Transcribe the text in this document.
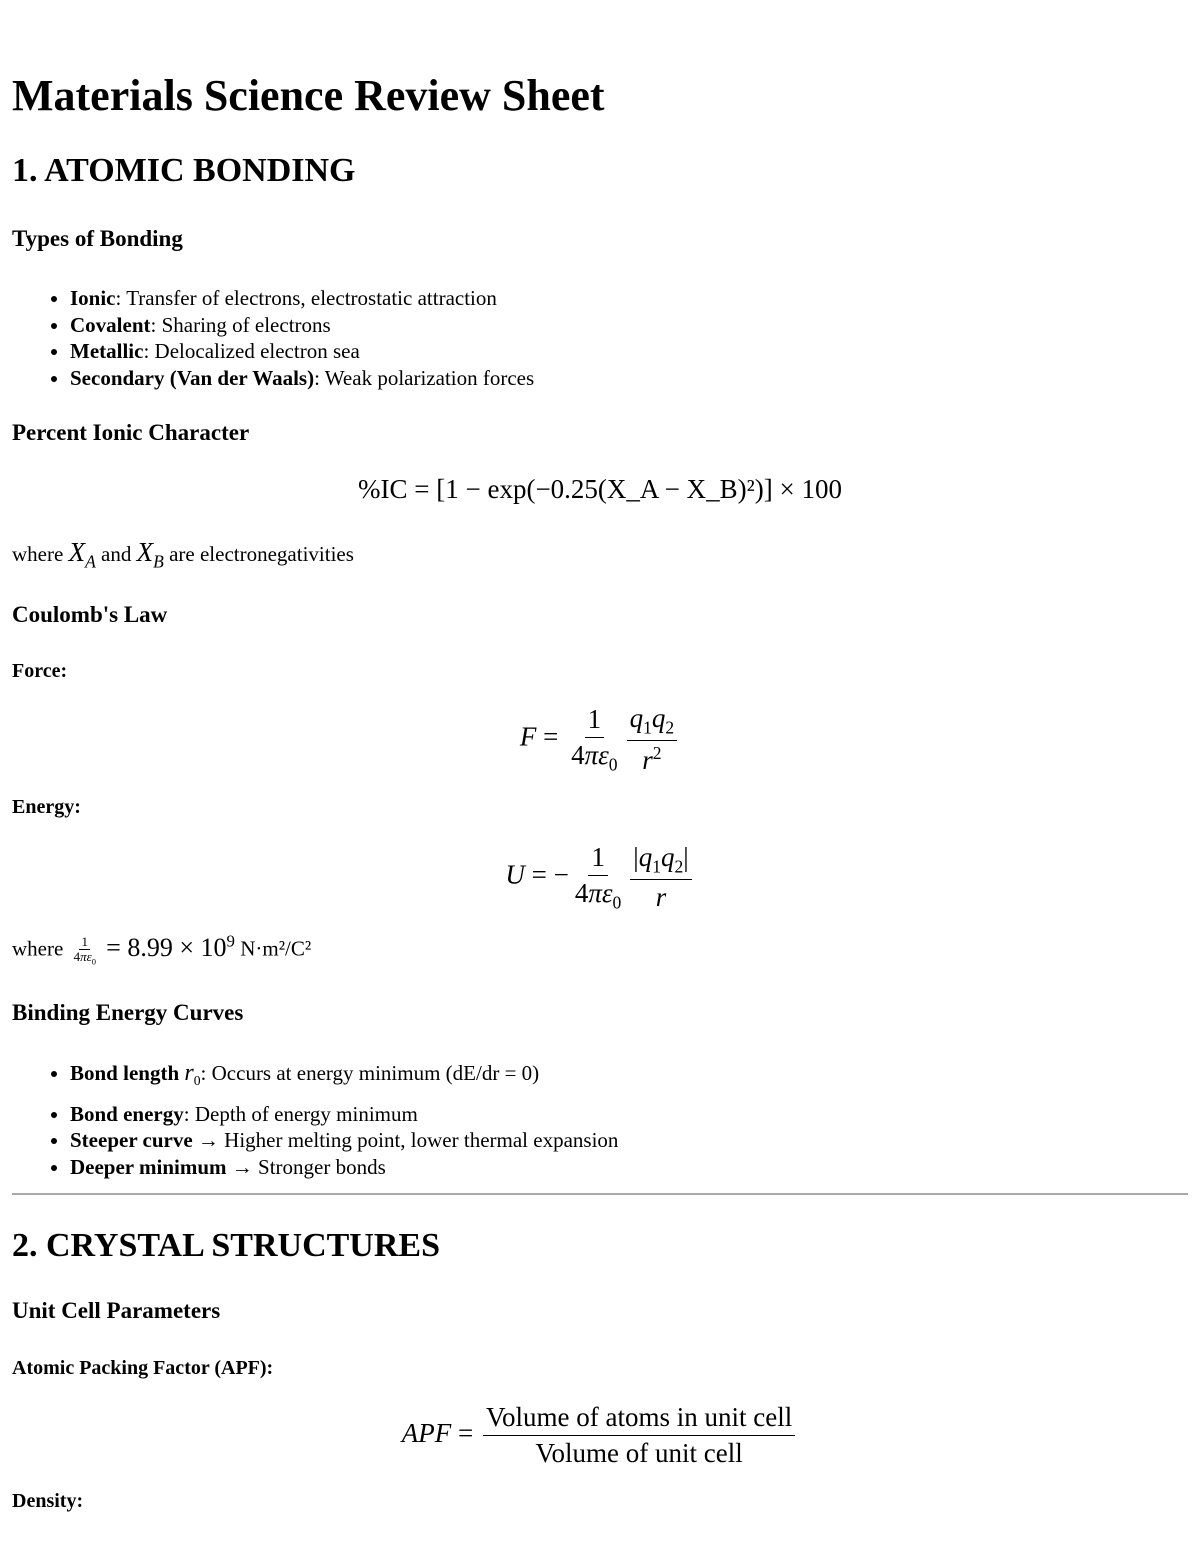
Materials Science Review Sheet
1. ATOMIC BONDING
Types of Bonding
• Ionic: Transfer of electrons, electrostatic attraction
• Covalent: Sharing of electrons
• Metallic: Delocalized electron sea
• Secondary (Van der Waals): Weak polarization forces
Percent Ionic Character
%IC = [1 − exp(−0.25(X_A − X_B)²)] × 100

where $X_A$ and $X_B$ are electronegativities

Coulomb's Law
Force:
$F = \frac{1}{4\pi\varepsilon_0} \frac{q_1q_2}{r^2}$
Energy:
U = − $\frac{1}{4\pi\varepsilon_0} \frac{|q_1q_2|}{r}$

where $\frac{1}{4\pi\varepsilon_0} = 8.99 \times 10^9$ N·m²/C²

Binding Energy Curves
• Bond length $r_0$: Occurs at energy minimum (dE/dr = 0)
• Bond energy: Depth of energy minimum
• Steeper curve → Higher melting point, lower thermal expansion
• Deeper minimum → Stronger bonds
2. CRYSTAL STRUCTURES
Unit Cell Parameters
Atomic Packing Factor (APF):
APF = $\frac{\text{Volume of atoms in unit cell}}{\text{Volume of unit cell}}$
Density:
